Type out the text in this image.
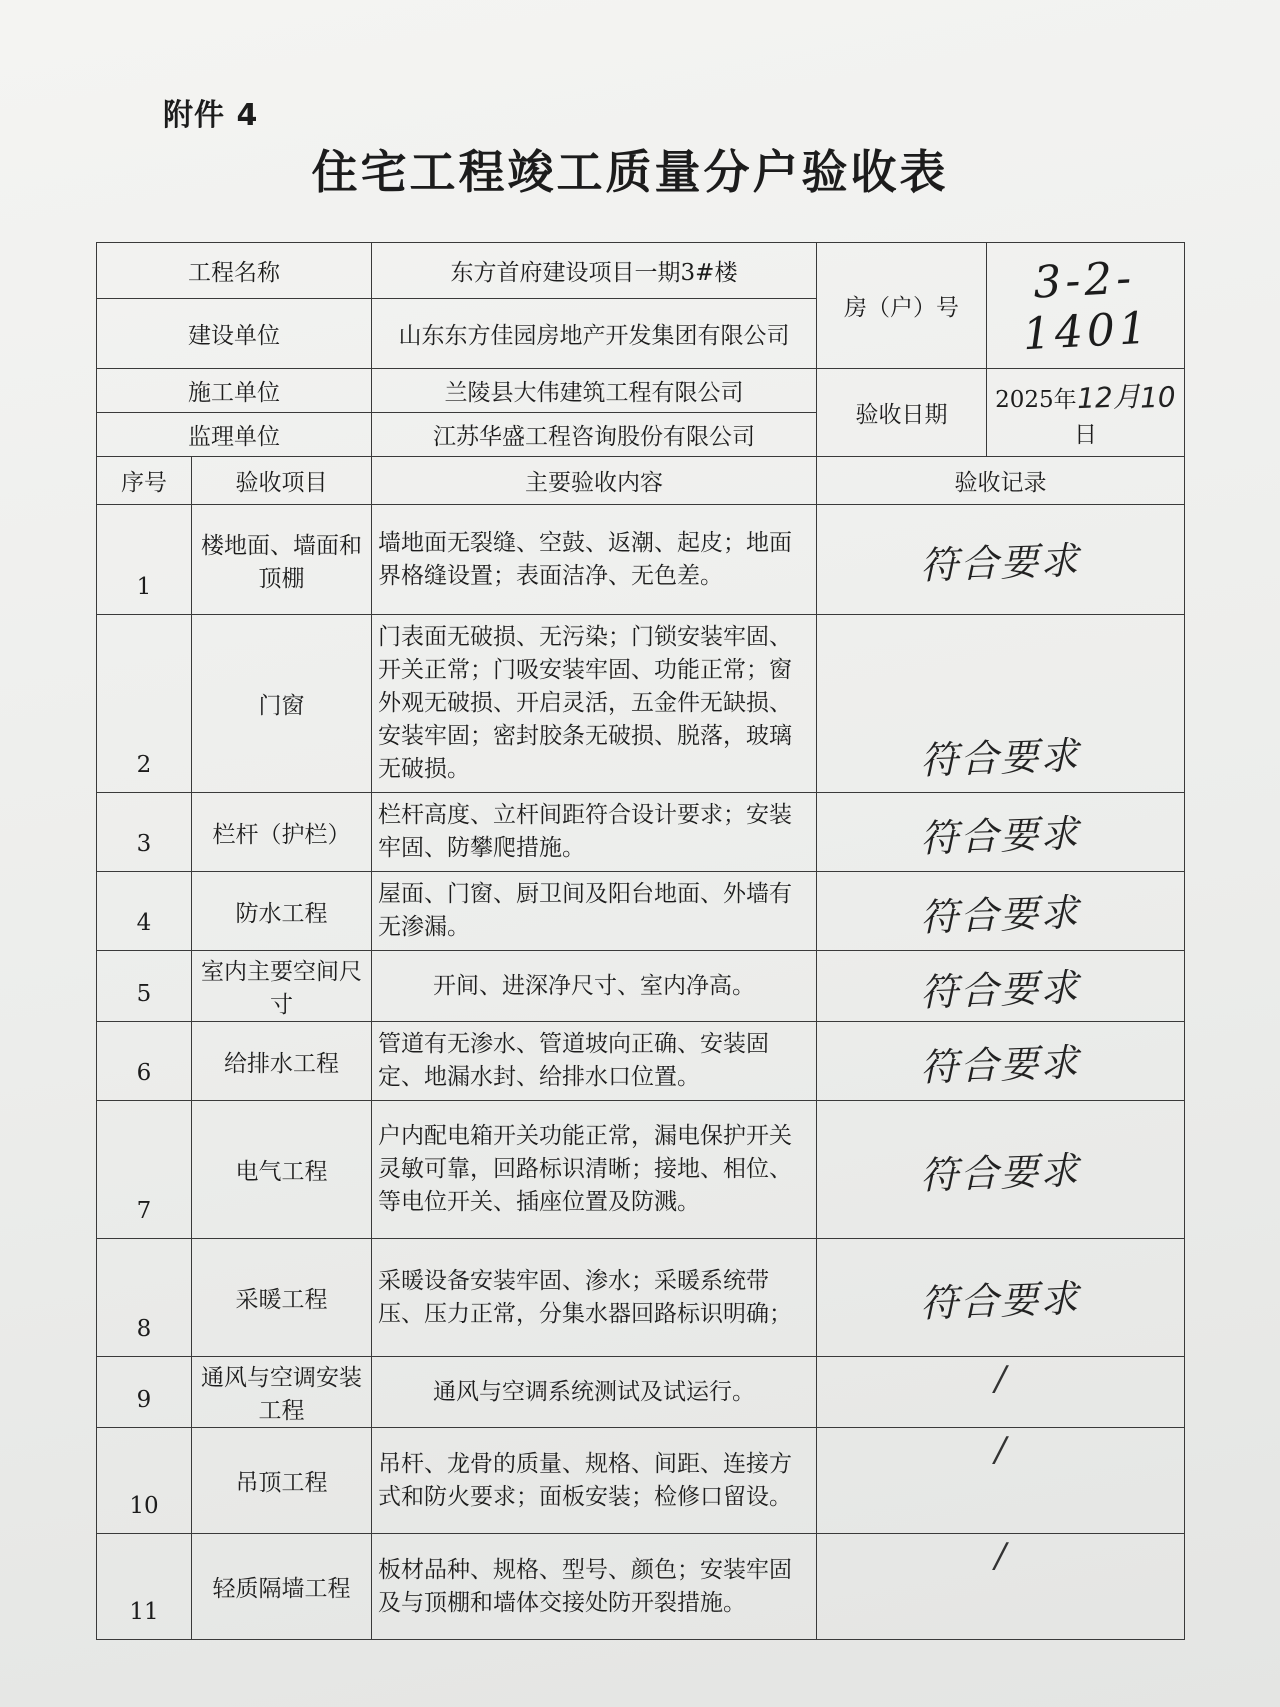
附件 4
住宅工程竣工质量分户验收表
工程名称		东方首府建设项目一期3#楼	房（户）号	3-2-1401
建设单位		山东东方佳园房地产开发集团有限公司		
施工单位		兰陵县大伟建筑工程有限公司	验收日期	2025年12月10 日
监理单位		江苏华盛工程咨询股份有限公司		
序号	验收项目	主要验收内容	验收记录	
1	楼地面、墙面和顶棚	墙地面无裂缝、空鼓、返潮、起皮；地面界格缝设置；表面洁净、无色差。	符合要求	
2	门窗	门表面无破损、无污染；门锁安装牢固、开关正常；门吸安装牢固、功能正常；窗外观无破损、开启灵活，五金件无缺损、 安装牢固；密封胶条无破损、脱落，玻璃无破损。	符合要求	
3	栏杆（护栏）	栏杆高度、立杆间距符合设计要求；安装牢固、防攀爬措施。	符合要求	
4	防水工程	屋面、门窗、厨卫间及阳台地面、外墙有无渗漏。	符合要求	
5	室内主要空间尺寸	开间、进深净尺寸、室内净高。	符合要求	
6	给排水工程	管道有无渗水、管道坡向正确、安装固定、地漏水封、给排水口位置。	符合要求	
7	电气工程	户内配电箱开关功能正常，漏电保护开关灵敏可靠，回路标识清晰；接地、相位、等电位开关、插座位置及防溅。	符合要求	
8	采暖工程	采暖设备安装牢固、渗水；采暖系统带压、压力正常，分集水器回路标识明确；	符合要求	
9	通风与空调安装工程	通风与空调系统测试及试运行。	/	
10	吊顶工程	吊杆、龙骨的质量、规格、间距、连接方式和防火要求；面板安装；检修口留设。	/	
11	轻质隔墙工程	板材品种、规格、型号、颜色；安装牢固及与顶棚和墙体交接处防开裂措施。	/	
